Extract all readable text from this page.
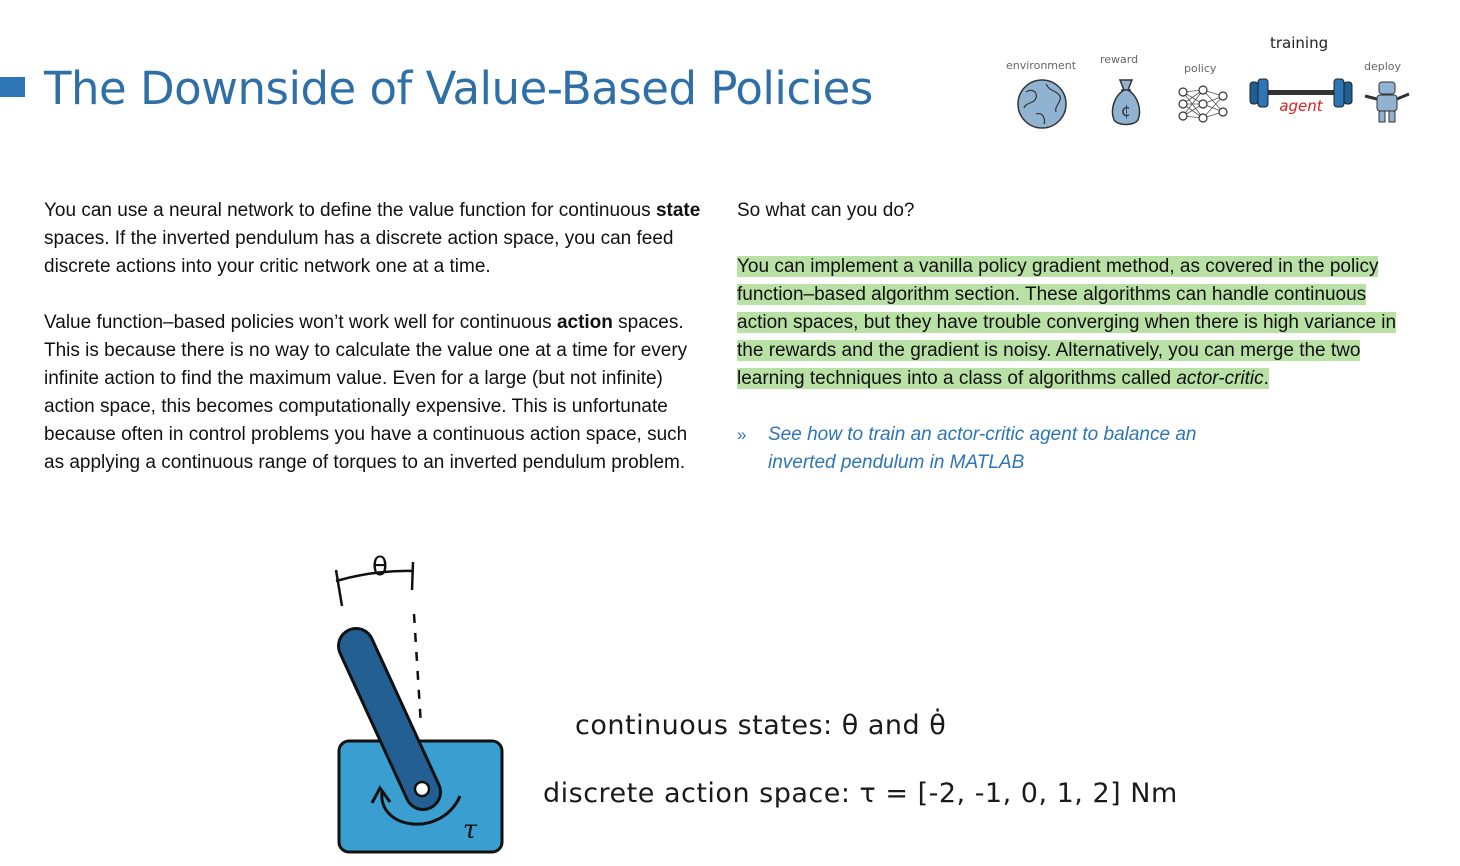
The Downside of Value-Based Policies
training
environment reward
policy	deploy
¢	agent

You can use a neural network to define the value function for continuous state spaces. If the inverted pendulum has a discrete action space, you can feed discrete actions into your critic network one at a time.

Value function–based policies won’t work well for continuous action spaces. This is because there is no way to calculate the value one at a time for every infinite action to find the maximum value. Even for a large (but not infinite) action space, this becomes computationally expensive. This is unfortunate because often in control problems you have a continuous action space, such as applying a continuous range of torques to an inverted pendulum problem.

So what can you do?

You can implement a vanilla policy gradient method, as covered in the policy function–based algorithm section. These algorithms can handle continuous action spaces, but they have trouble converging when there is high variance in the rewards and the gradient is noisy. Alternatively, you can merge the two learning techniques into a class of algorithms called actor-critic.

» See how to train an actor-critic agent to balance an inverted pendulum in MATLAB
θ
τ
continuous states: θ and θ̇
discrete action space: τ = [-2, -1, 0, 1, 2] Nm
